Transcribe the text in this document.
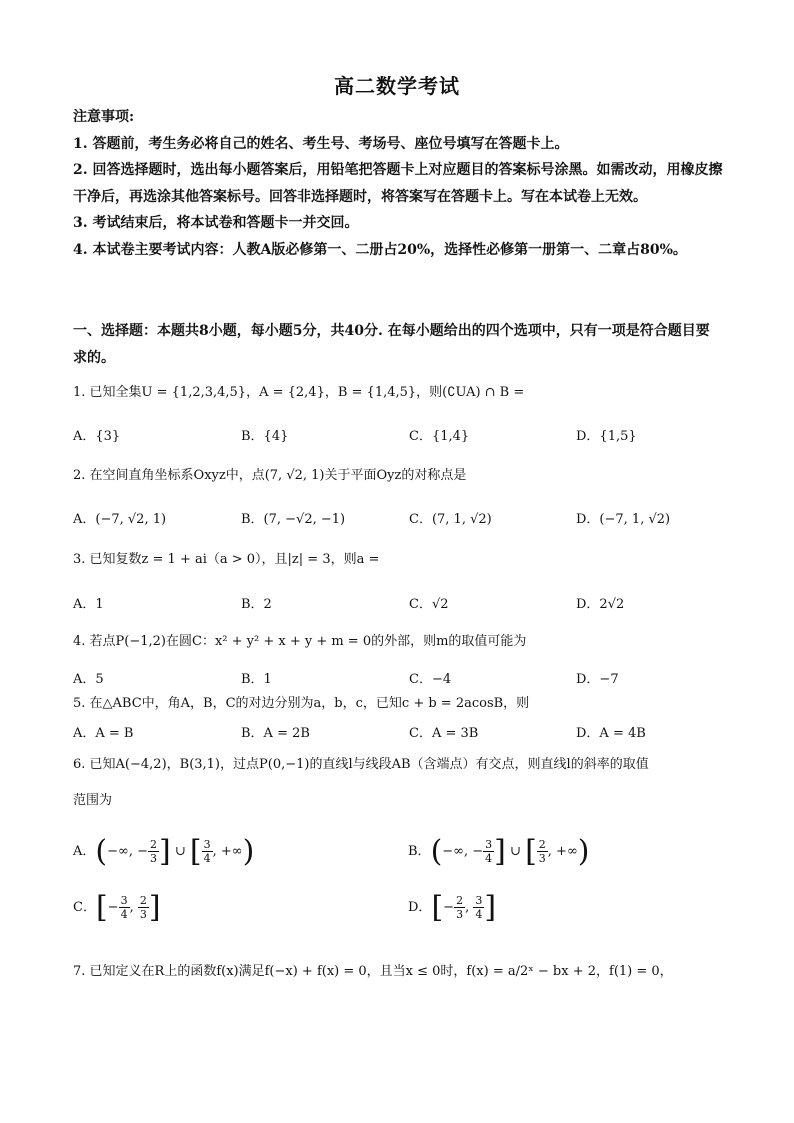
高二数学考试

注意事项:

1. 答题前，考生务必将自己的姓名、考生号、考场号、座位号填写在答题卡上。

2. 回答选择题时，选出每小题答案后，用铅笔把答题卡上对应题目的答案标号涂黑。如需改动，用橡皮擦干净后，再选涂其他答案标号。回答非选择题时，将答案写在答题卡上。写在本试卷上无效。

3. 考试结束后，将本试卷和答题卡一并交回。

4. 本试卷主要考试内容：人教A版必修第一、二册占20%，选择性必修第一册第一、二章占80%。

一、选择题：本题共8小题，每小题5分，共40分. 在每小题给出的四个选项中，只有一项是符合题目要求的。
1. 已知全集U = {1,2,3,4,5}，A = {2,4}，B = {1,4,5}，则(∁UA) ∩ B =
A．{3}	B．{4}	C．{1,4}	D．{1,5}
2. 在空间直角坐标系Oxyz中，点(7, √2, 1)关于平面Oyz的对称点是
A．(−7, √2, 1)	B．(7, −√2, −1)	C．(7, 1, √2)	D．(−7, 1, √2)
3. 已知复数z = 1 + ai（a > 0），且|z| = 3，则a =
A．1	B．2	C．√2	D．2√2
4. 若点P(−1,2)在圆C：x² + y² + x + y + m = 0的外部，则m的取值可能为
A．5	B．1	C．−4	D．−7
5. 在△ABC中，角A，B，C的对边分别为a，b，c，已知c + b = 2acosB，则
A．A = B	B．A = 2B	C．A = 3B	D．A = 4B
6. 已知A(−4,2)，B(3,1)，过点P(0,−1)的直线l与线段AB（含端点）有交点，则直线l的斜率的取值
范围为
A．(−∞, − $\frac{2}{3}$ ] ∪ [ $\frac{3}{4}$ , +∞)	B．(−∞, − $\frac{3}{4}$ ] ∪ [ $\frac{2}{3}$ , +∞)
C．[− $\frac{3}{4}$ , $\frac{2}{3}$ ]	D．[− $\frac{2}{3}$ , $\frac{3}{4}$ ]
7. 已知定义在R上的函数f(x)满足f(−x) + f(x) = 0，且当x ≤ 0时，f(x) = a/2ˣ − bx + 2，f(1) = 0，
